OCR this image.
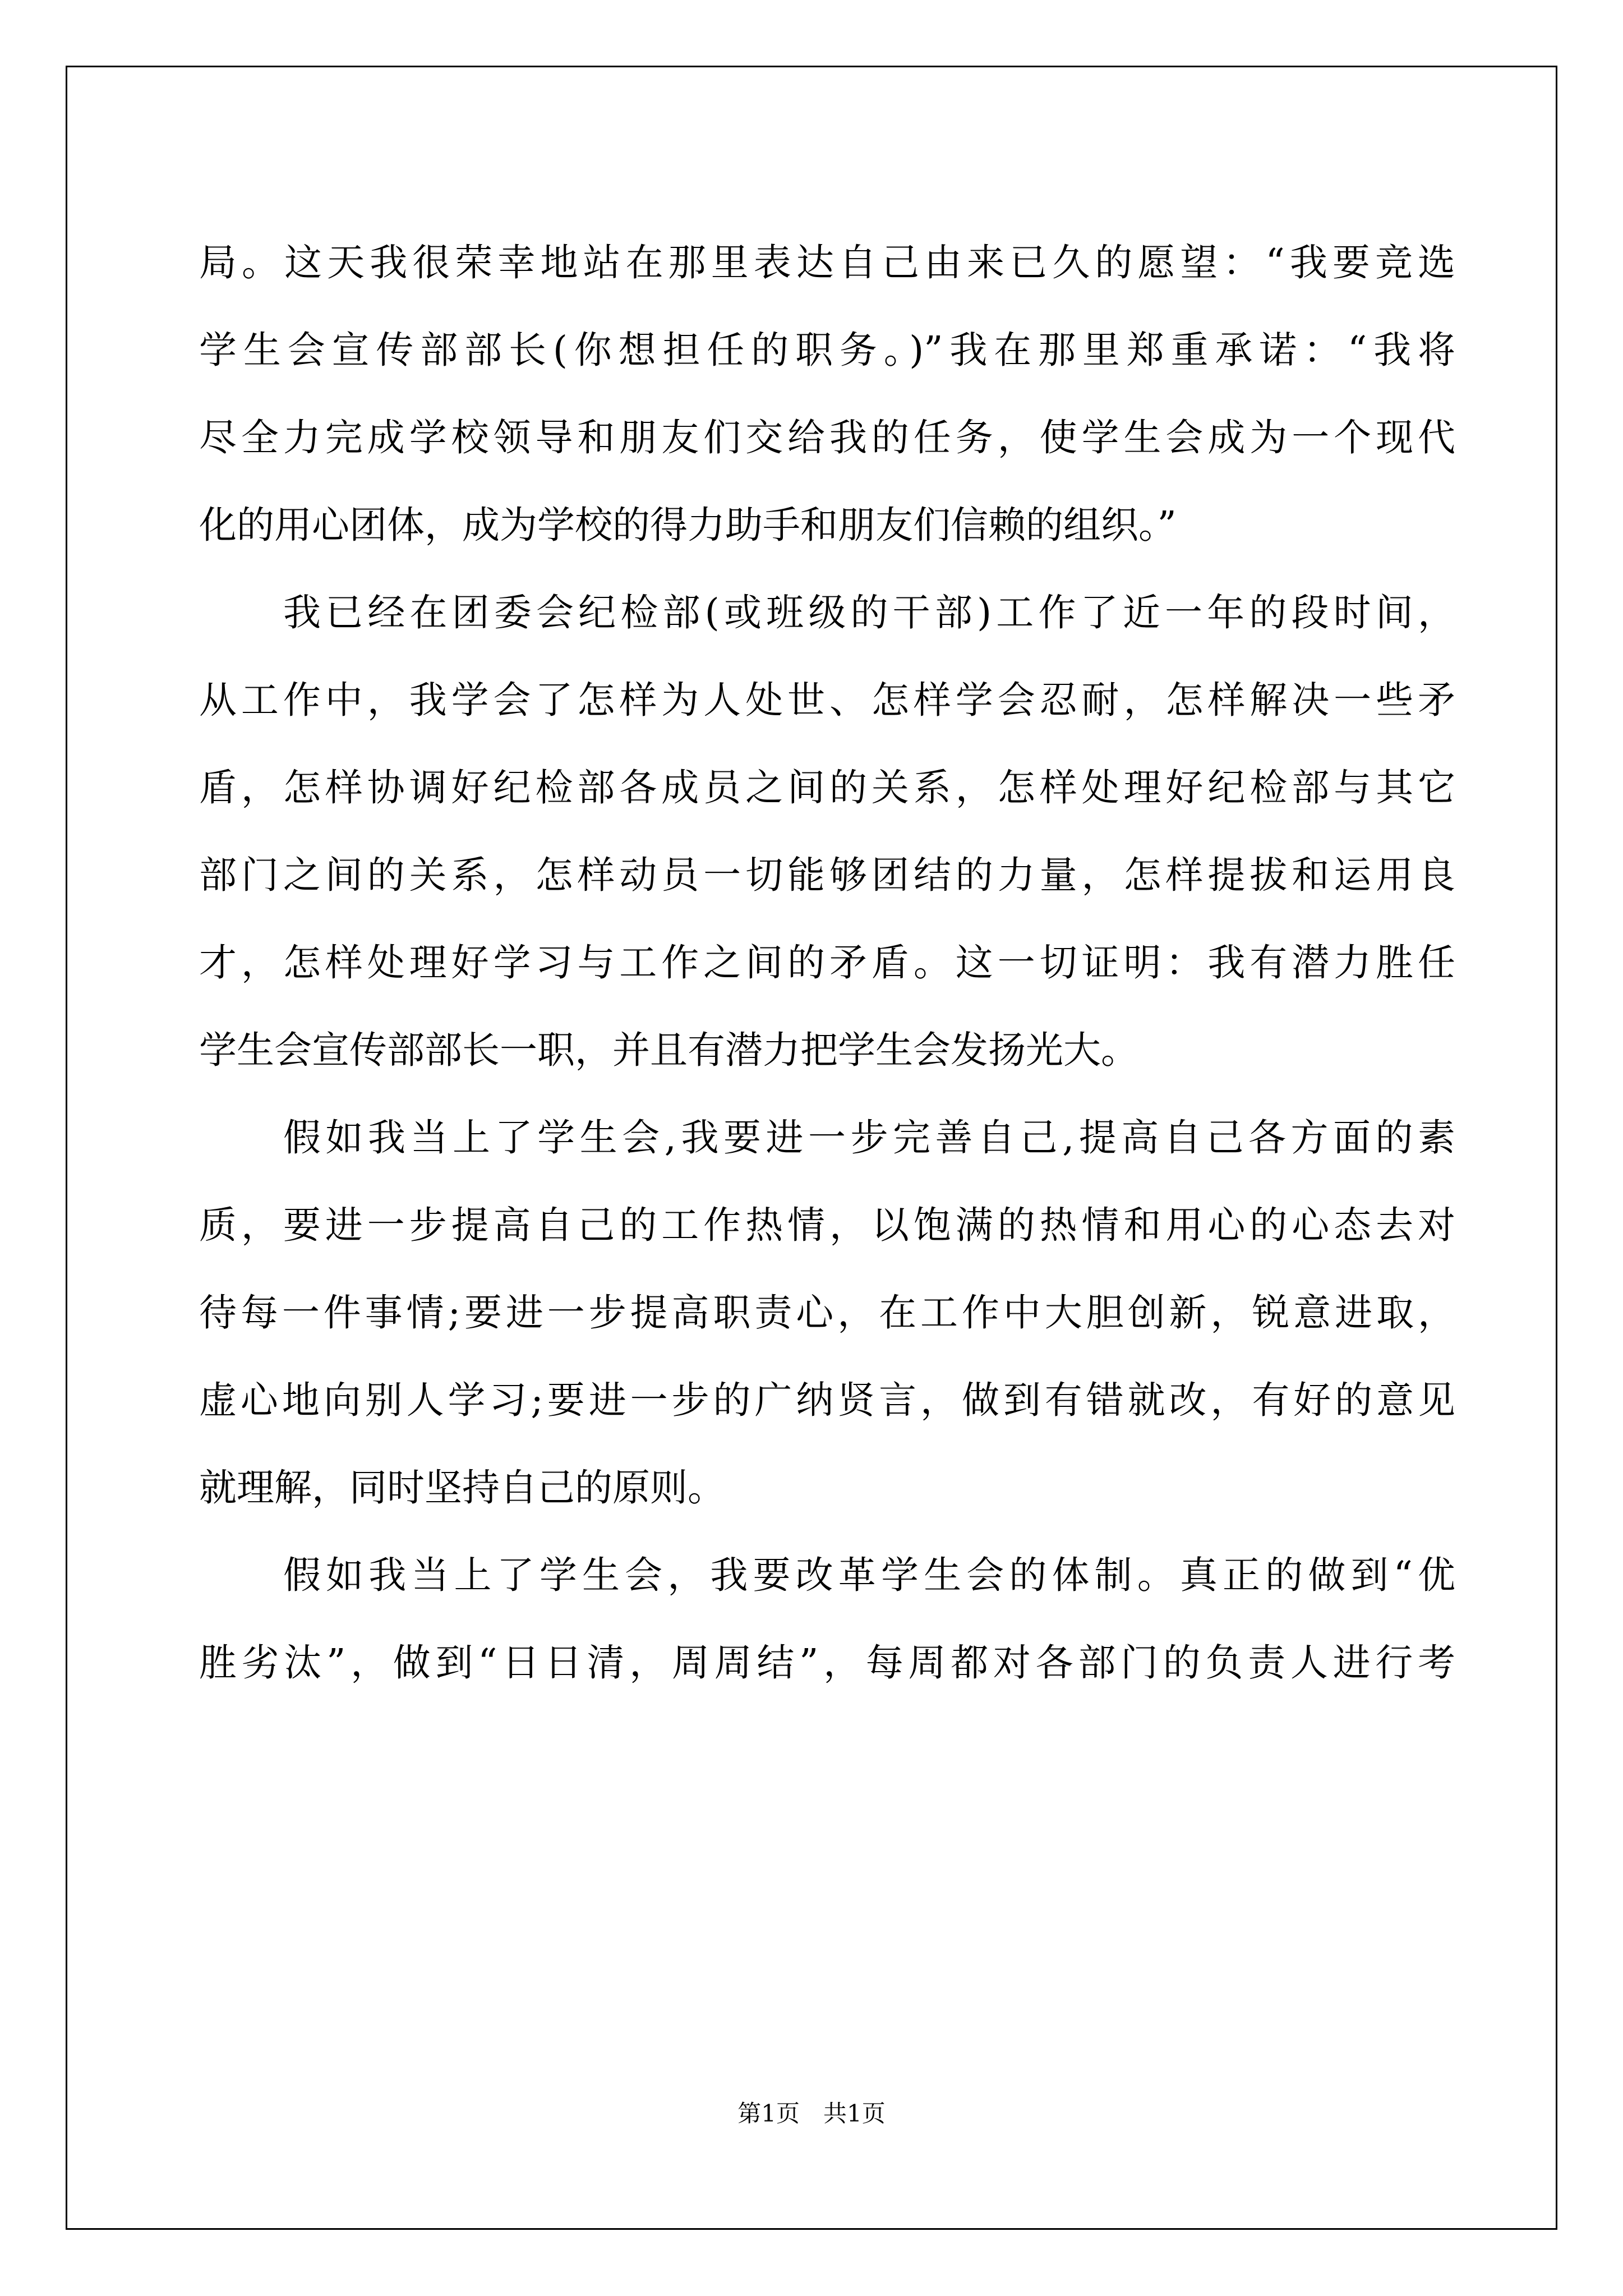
局。这天我很荣幸地站在那里表达自己由来已久的愿望：“我要竞选

学生会宣传部部长(你想担任的职务。)”我在那里郑重承诺：“我将

尽全力完成学校领导和朋友们交给我的任务，使学生会成为一个现代

化的用心团体，成为学校的得力助手和朋友们信赖的组织。”

我已经在团委会纪检部(或班级的干部)工作了近一年的段时间，

从工作中，我学会了怎样为人处世、怎样学会忍耐，怎样解决一些矛

盾，怎样协调好纪检部各成员之间的关系，怎样处理好纪检部与其它

部门之间的关系，怎样动员一切能够团结的力量，怎样提拔和运用良

才，怎样处理好学习与工作之间的矛盾。这一切证明：我有潜力胜任

学生会宣传部部长一职，并且有潜力把学生会发扬光大。

假如我当上了学生会,我要进一步完善自己,提高自己各方面的素

质，要进一步提高自己的工作热情，以饱满的热情和用心的心态去对

待每一件事情;要进一步提高职责心，在工作中大胆创新，锐意进取，

虚心地向别人学习;要进一步的广纳贤言，做到有错就改，有好的意见

就理解，同时坚持自己的原则。

假如我当上了学生会，我要改革学生会的体制。真正的做到“优

胜劣汰”，做到“日日清，周周结”，每周都对各部门的负责人进行考

第1页　共1页
